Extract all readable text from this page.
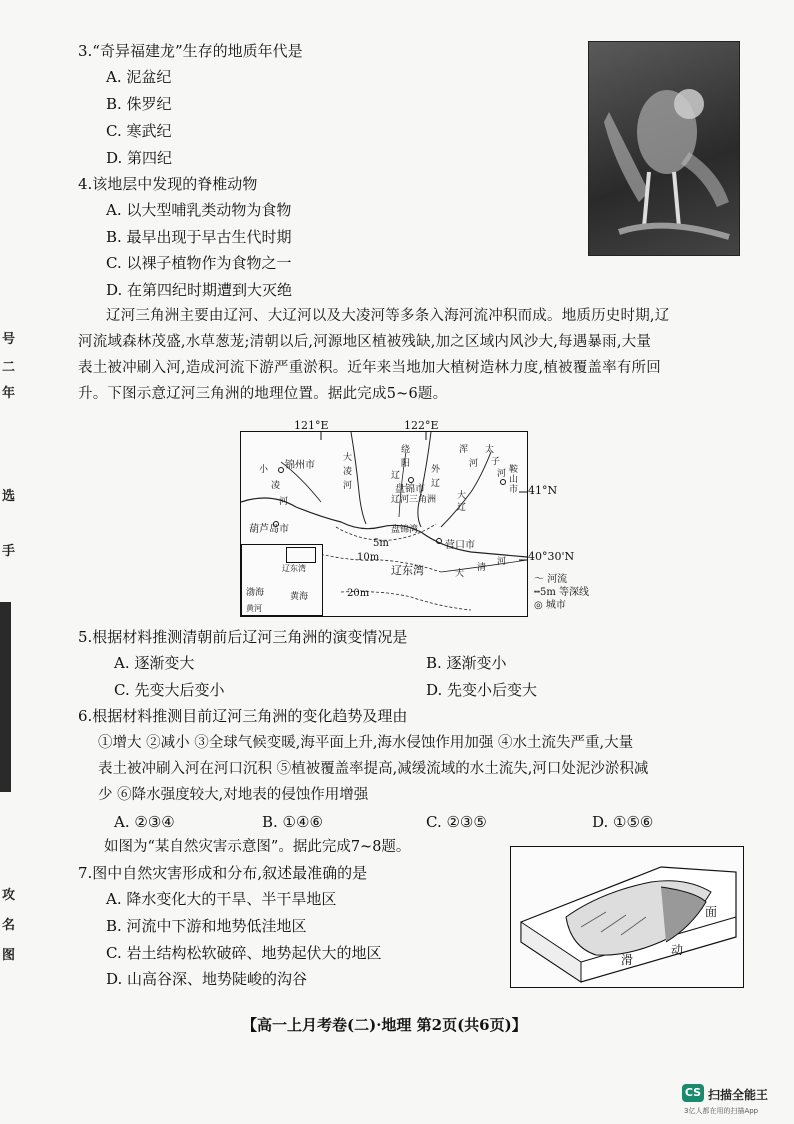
号
二
年
选
手
攻
名
图
3.“奇异福建龙”生存的地质年代是
A. 泥盆纪
B. 侏罗纪
C. 寒武纪
D. 第四纪
4.该地层中发现的脊椎动物
A. 以大型哺乳类动物为食物
B. 最早出现于早古生代时期
C. 以裸子植物作为食物之一
D. 在第四纪时期遭到大灭绝
辽河三角洲主要由辽河、大辽河以及大凌河等多条入海河流冲积而成。地质历史时期,辽
河流域森林茂盛,水草葱茏;清朝以后,河源地区植被残缺,加之区域内风沙大,每遇暴雨,大量
表土被冲刷入河,造成河流下游严重淤积。近年来当地加大植树造林力度,植被覆盖率有所回
升。下图示意辽河三角洲的地理位置。据此完成5~6题。
小
凌
河
锦州市
大
凌
河
绕
阳
辽
盘锦市
辽河三角洲
外
辽
浑
河
太
子
河 鞍
山
市
大
辽
葫芦岛市
营口市
盘锦湾
辽东湾	大
清
河
5m
10m
20m
辽东湾
渤海	黄海
黄河
121°E	122°E
41°N
40°30'N
〜 河流
┅5m 等深线
◎ 城市
5.根据材料推测清朝前后辽河三角洲的演变情况是
A. 逐渐变大	B. 逐渐变小
C. 先变大后变小	D. 先变小后变大
6.根据材料推测目前辽河三角洲的变化趋势及理由
①增大 ②减小 ③全球气候变暖,海平面上升,海水侵蚀作用加强 ④水土流失严重,大量
表土被冲刷入河在河口沉积 ⑤植被覆盖率提高,减缓流域的水土流失,河口处泥沙淤积减
少 ⑥降水强度较大,对地表的侵蚀作用增强
A. ②③④	B. ①④⑥	C. ②③⑤	D. ①⑤⑥
如图为“某自然灾害示意图”。据此完成7~8题。
7.图中自然灾害形成和分布,叙述最准确的是
A. 降水变化大的干旱、半干旱地区
B. 河流中下游和地势低洼地区
C. 岩土结构松软破碎、地势起伏大的地区
D. 山高谷深、地势陡峻的沟谷
面
动
滑
【高一上月考卷(二)·地理 第2页(共6页)】
CS 扫描全能王
3亿人都在用的扫描App
